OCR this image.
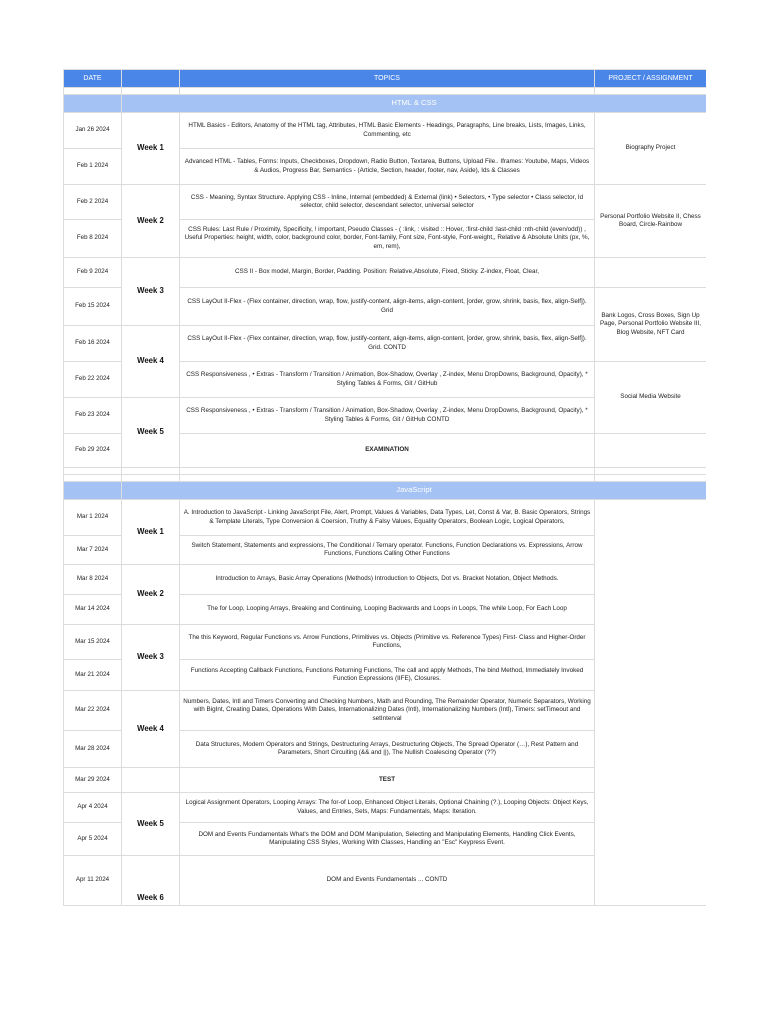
DATE		TOPICS	PROJECT / ASSIGNMENT

	HTML & CSS		
Jan 26 2024	Week 1	HTML Basics - Editors, Anatomy of the HTML tag, Attributes, HTML Basic Elements - Headings, Paragraphs, Line breaks, Lists, Images, Links, Commenting, etc	Biography Project
Feb 1 2024		Advanced HTML - Tables, Forms: Inputs, Checkboxes, Dropdown, Radio Button, Textarea, Buttons, Upload File.. Iframes: Youtube, Maps, Videos & Audios, Progress Bar, Semantics - (Article, Section, header, footer, nav, Aside), Ids & Classes	
Feb 2 2024	Week 2	CSS - Meaning, Syntax Structure. Applying CSS - Inline, Internal (embedded) & External (link) • Selectors, • Type selector • Class selector, Id selector, child selector, descendant selector, universal selector	Personal Portfolio Website II, Chess Board, Circle-Rainbow
Feb 8 2024		CSS Rules: Last Rule / Proximity, Specificity, ! important, Pseudo Classes - ( :link, : visited :: Hover, :first-child :last-child :nth-child (even/odd)) , Useful Properties: height, width, color, background color, border, Font-family, Font size, Font-style, Font-weight,, Relative & Absolute Units (px, %, em, rem),	
Feb 9 2024	Week 3	CSS II - Box model, Margin, Border, Padding. Position: Relative,Absolute, Fixed, Sticky. Z-index, Float, Clear,	
Feb 15 2024		CSS LayOut II-Flex - (Flex container, direction, wrap, flow, justify-content, align-items, align-content, [order, grow, shrink, basis, flex, align-Self]). Grid	Bank Logos, Cross Boxes, Sign Up Page, Personal Portfolio Website III, Blog Website, NFT Card
Feb 16 2024	Week 4	CSS LayOut II-Flex - (Flex container, direction, wrap, flow, justify-content, align-items, align-content, [order, grow, shrink, basis, flex, align-Self]). Grid. CONTD	
Feb 22 2024		CSS Responsiveness , • Extras - Transform / Transition / Animation, Box-Shadow, Overlay , Z-index, Menu DropDowns, Background, Opacity), * Styling Tables & Forms, Git / GitHub	Social Media Website
Feb 23 2024	Week 5	CSS Responsiveness , • Extras - Transform / Transition / Animation, Box-Shadow, Overlay , Z-index, Menu DropDowns, Background, Opacity), * Styling Tables & Forms, Git / GitHub CONTD	
Feb 29 2024		EXAMINATION	

	JavaScript		
Mar 1 2024	Week 1	A. Introduction to JavaScript - Linking JavaScript File, Alert, Prompt, Values & Variables, Data Types, Let, Const & Var, B. Basic Operators, Strings & Template Literals, Type Conversion & Coersion, Truthy & Falsy Values, Equality Operators, Boolean Logic, Logical Operators,	
Mar 7 2024		Switch Statement, Statements and expressions, The Conditional / Ternary operator. Functions, Function Declarations vs. Expressions, Arrow Functions, Functions Calling Other Functions	
Mar 8 2024	Week 2	Introduction to Arrays, Basic Array Operations (Methods) Introduction to Objects, Dot vs. Bracket Notation, Object Methods.	
Mar 14 2024		The for Loop, Looping Arrays, Breaking and Continuing, Looping Backwards and Loops in Loops, The while Loop, For Each Loop	
Mar 15 2024	Week 3	The this Keyword, Regular Functions vs. Arrow Functions, Primitives vs. Objects (Primitive vs. Reference Types) First- Class and Higher-Order Functions,	
Mar 21 2024		Functions Accepting Callback Functions, Functions Returning Functions, The call and apply Methods, The bind Method, Immediately Invoked Function Expressions (IIFE), Closures.	
Mar 22 2024	Week 4	Numbers, Dates, Intl and Timers Converting and Checking Numbers, Math and Rounding, The Remainder Operator, Numeric Separators, Working with BigInt, Creating Dates, Operations With Dates, Internationalizing Dates (Intl), Internationalizing Numbers (Intl), Timers: setTimeout and setInterval	
Mar 28 2024		Data Structures, Modern Operators and Strings, Destructuring Arrays, Destructuring Objects, The Spread Operator (…), Rest Pattern and Parameters, Short Circuiting (&& and ||), The Nullish Coalescing Operator (??)	
Mar 29 2024		TEST	
Apr 4 2024	Week 5	Logical Assignment Operators, Looping Arrays: The for-of Loop, Enhanced Object Literals, Optional Chaining (?.), Looping Objects: Object Keys, Values, and Entries, Sets, Maps: Fundamentals, Maps: Iteration.	
Apr 5 2024		DOM and Events Fundamentals What's the DOM and DOM Manipulation, Selecting and Manipulating Elements, Handling Click Events, Manipulating CSS Styles, Working With Classes, Handling an "Esc" Keypress Event.	
Apr 11 2024	Week 6	DOM and Events Fundamentals ... CONTD	
